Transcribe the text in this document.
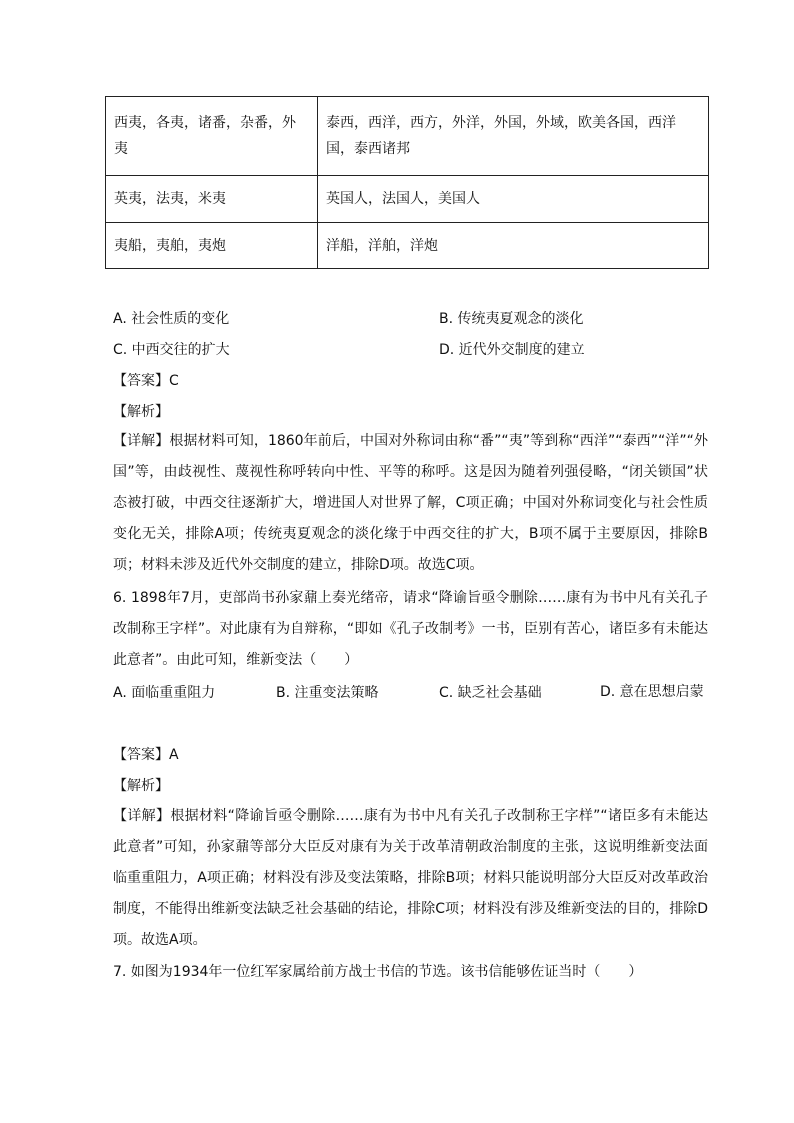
西夷，各夷，诸番，杂番，外夷	泰西，西洋，西方，外洋，外国，外域，欧美各国，西洋国，泰西诸邦
英夷，法夷，米夷	英国人，法国人，美国人
夷船，夷舶，夷炮	洋船，洋舶，洋炮
A. 社会性质的变化	B. 传统夷夏观念的淡化
C. 中西交往的扩大	D. 近代外交制度的建立
【答案】C
【解析】
【详解】根据材料可知，1860年前后，中国对外称词由称“番”“夷”等到称“西洋”“泰西”“洋”“外国”等，由歧视性、蔑视性称呼转向中性、平等的称呼。这是因为随着列强侵略，“闭关锁国”状态被打破，中西交往逐渐扩大，增进国人对世界了解，C项正确；中国对外称词变化与社会性质变化无关，排除A项；传统夷夏观念的淡化缘于中西交往的扩大，B项不属于主要原因，排除B项；材料未涉及近代外交制度的建立，排除D项。故选C项。
6. 1898年7月，吏部尚书孙家鼐上奏光绪帝，请求“降谕旨亟令删除……康有为书中凡有关孔子改制称王字样”。对此康有为自辩称，“即如《孔子改制考》一书，臣别有苦心，诸臣多有未能达此意者”。由此可知，维新变法（　　）
A. 面临重重阻力	B. 注重变法策略	C. 缺乏社会基础	D. 意在思想启蒙
【答案】A
【解析】
【详解】根据材料“降谕旨亟令删除……康有为书中凡有关孔子改制称王字样”“诸臣多有未能达此意者”可知，孙家鼐等部分大臣反对康有为关于改革清朝政治制度的主张，这说明维新变法面临重重阻力，A项正确；材料没有涉及变法策略，排除B项；材料只能说明部分大臣反对改革政治制度，不能得出维新变法缺乏社会基础的结论，排除C项；材料没有涉及维新变法的目的，排除D项。故选A项。
7. 如图为1934年一位红军家属给前方战士书信的节选。该书信能够佐证当时（　　）
